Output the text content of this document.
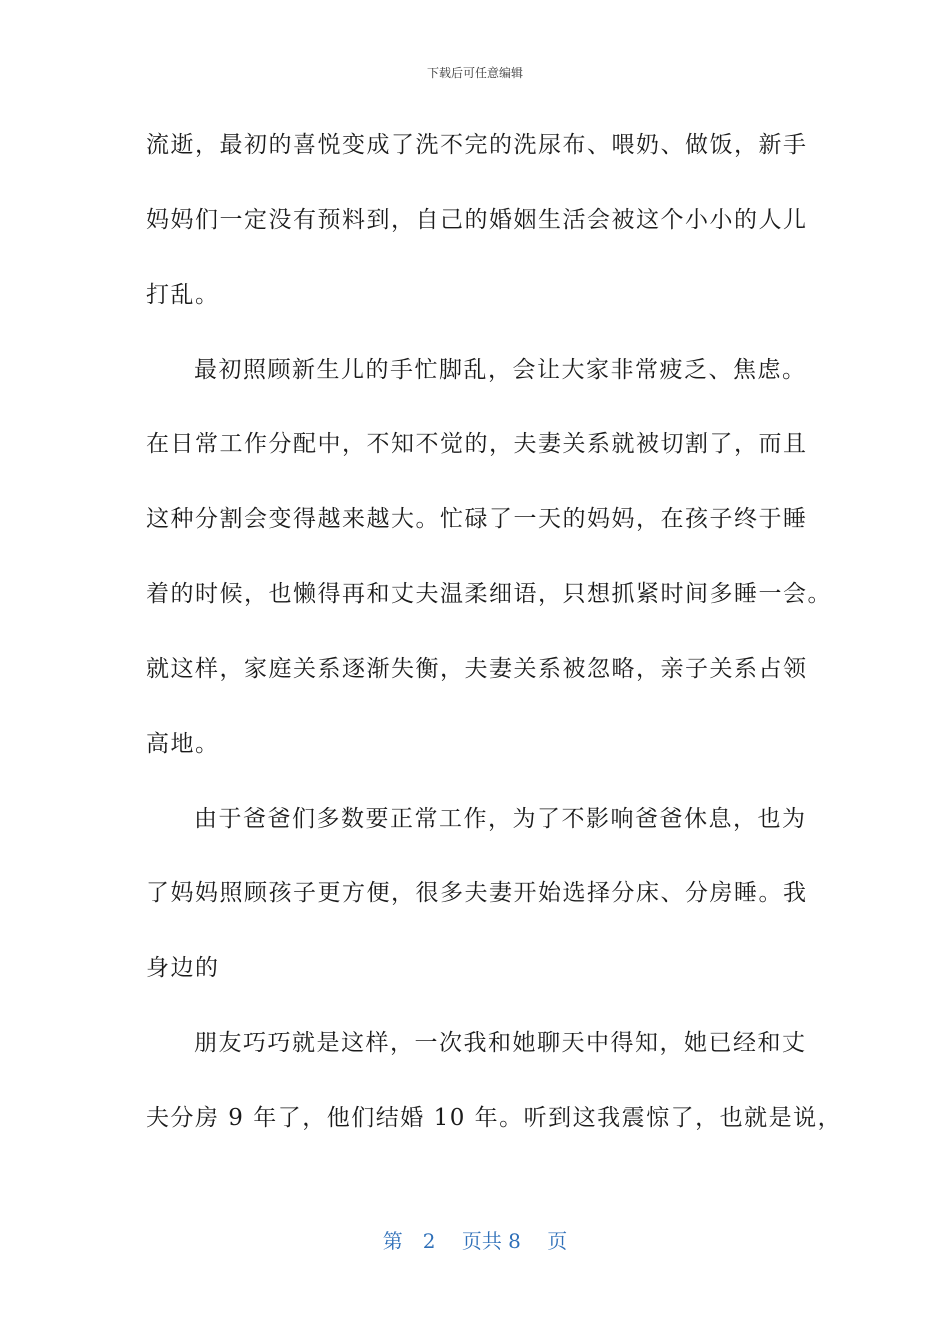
下载后可任意编辑
流逝，最初的喜悦变成了洗不完的洗尿布、喂奶、做饭，新手
妈妈们一定没有预料到，自己的婚姻生活会被这个小小的人儿
打乱。
最初照顾新生儿的手忙脚乱，会让大家非常疲乏、焦虑。
在日常工作分配中，不知不觉的，夫妻关系就被切割了，而且
这种分割会变得越来越大。忙碌了一天的妈妈，在孩子终于睡
着的时候，也懒得再和丈夫温柔细语，只想抓紧时间多睡一会。
就这样，家庭关系逐渐失衡，夫妻关系被忽略，亲子关系占领
高地。
由于爸爸们多数要正常工作，为了不影响爸爸休息，也为
了妈妈照顾孩子更方便，很多夫妻开始选择分床、分房睡。我
身边的
朋友巧巧就是这样，一次我和她聊天中得知，她已经和丈
夫分房 9 年了，他们结婚 10 年。听到这我震惊了，也就是说，
第　2　 页共 8　 页
